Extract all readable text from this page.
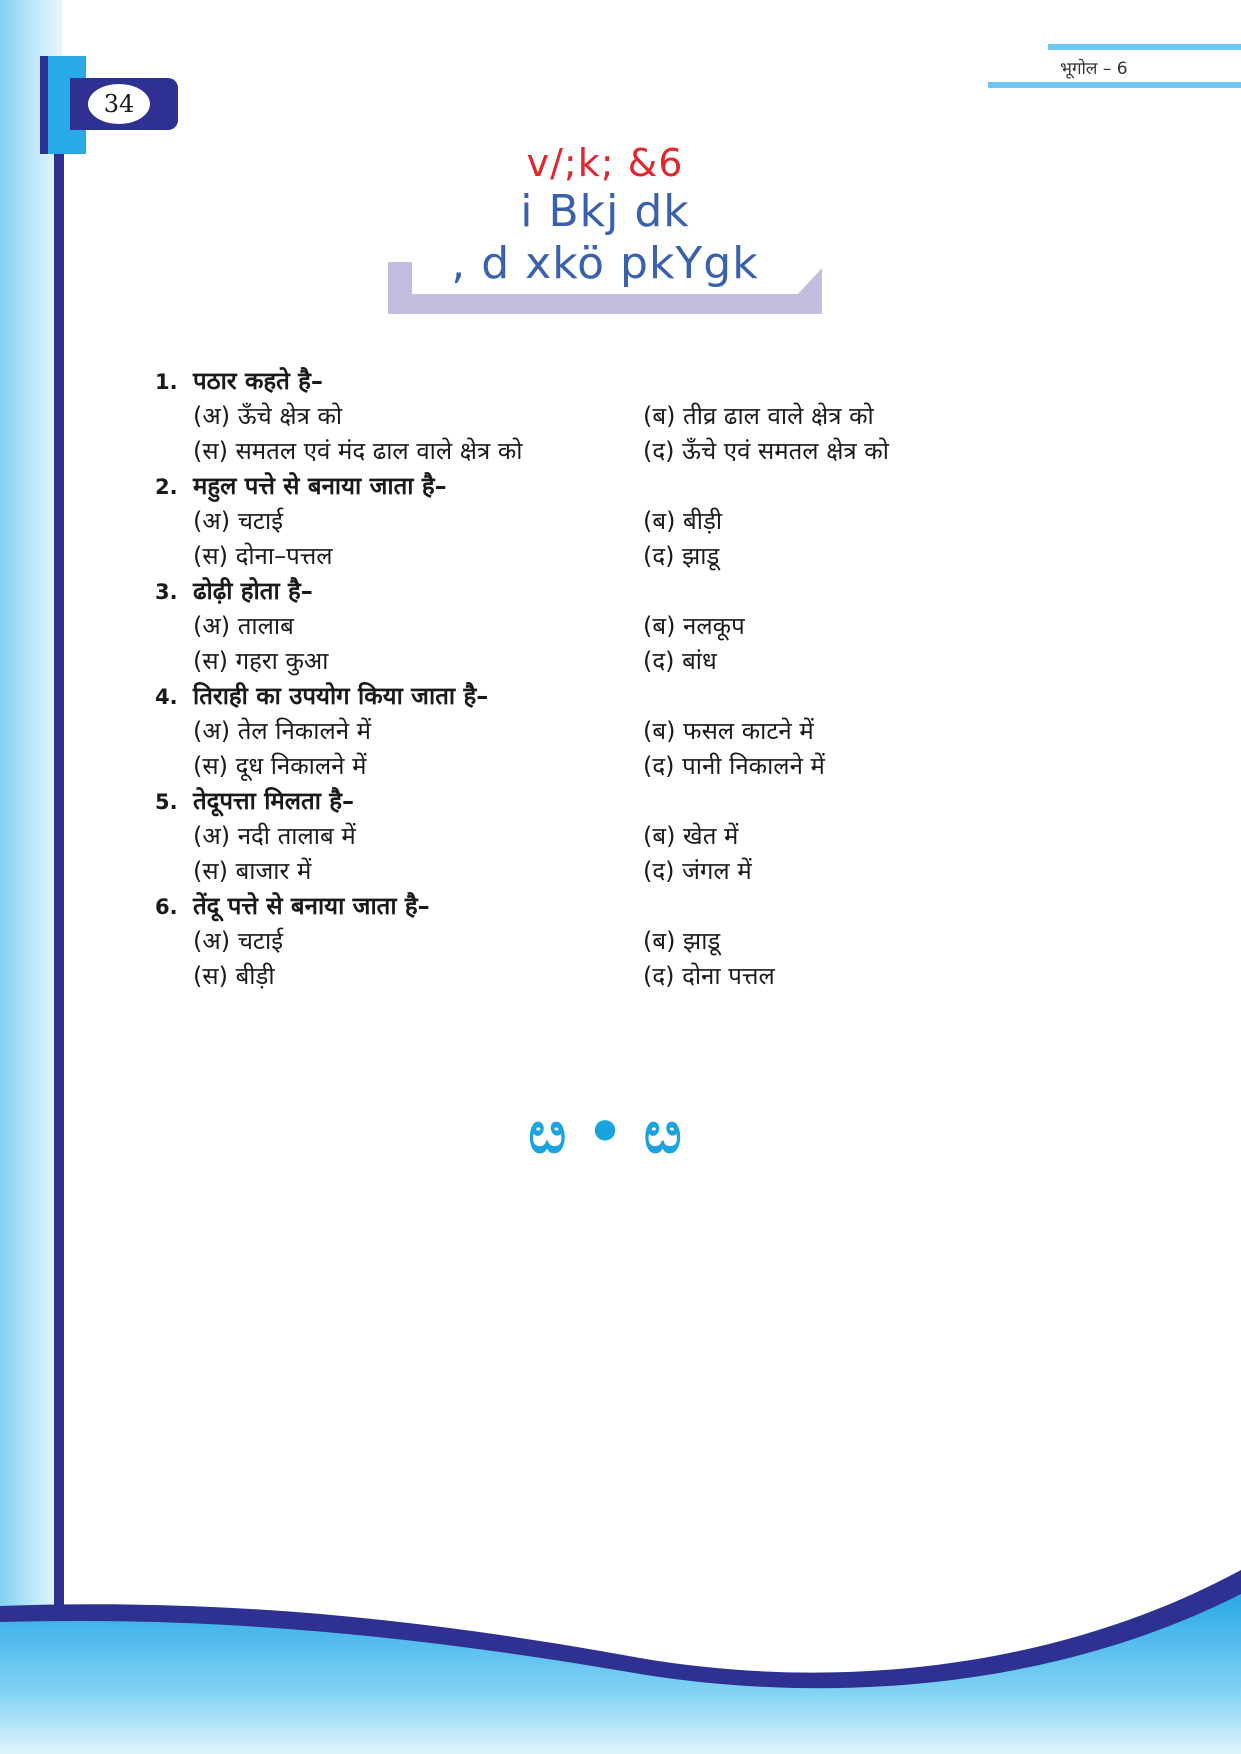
34
भूगोल – 6
v/;k; &6
i Bkj dk
, d xkö pkYgk
1. पठार कहते है–
(अ) ऊँचे क्षेत्र को	(ब) तीव्र ढाल वाले क्षेत्र को
(स) समतल एवं मंद ढाल वाले क्षेत्र को	(द) ऊँचे एवं समतल क्षेत्र को
2. महुल पत्ते से बनाया जाता है–
(अ) चटाई	(ब) बीड़ी
(स) दोना–पत्तल	(द) झाडू
3. ढोढ़ी होता है–
(अ) तालाब	(ब) नलकूप
(स) गहरा कुआ	(द) बांध
4. तिराही का उपयोग किया जाता है–
(अ) तेल निकालने में	(ब) फसल काटने में
(स) दूध निकालने में	(द) पानी निकालने में
5. तेदूपत्ता मिलता है–
(अ) नदी तालाब में	(ब) खेत में
(स) बाजार में	(द) जंगल में
6. तेंदू पत्ते से बनाया जाता है–
(अ) चटाई	(ब) झाडू
(स) बीड़ी	(द) दोना पत्तल
ೞ • ೞ
